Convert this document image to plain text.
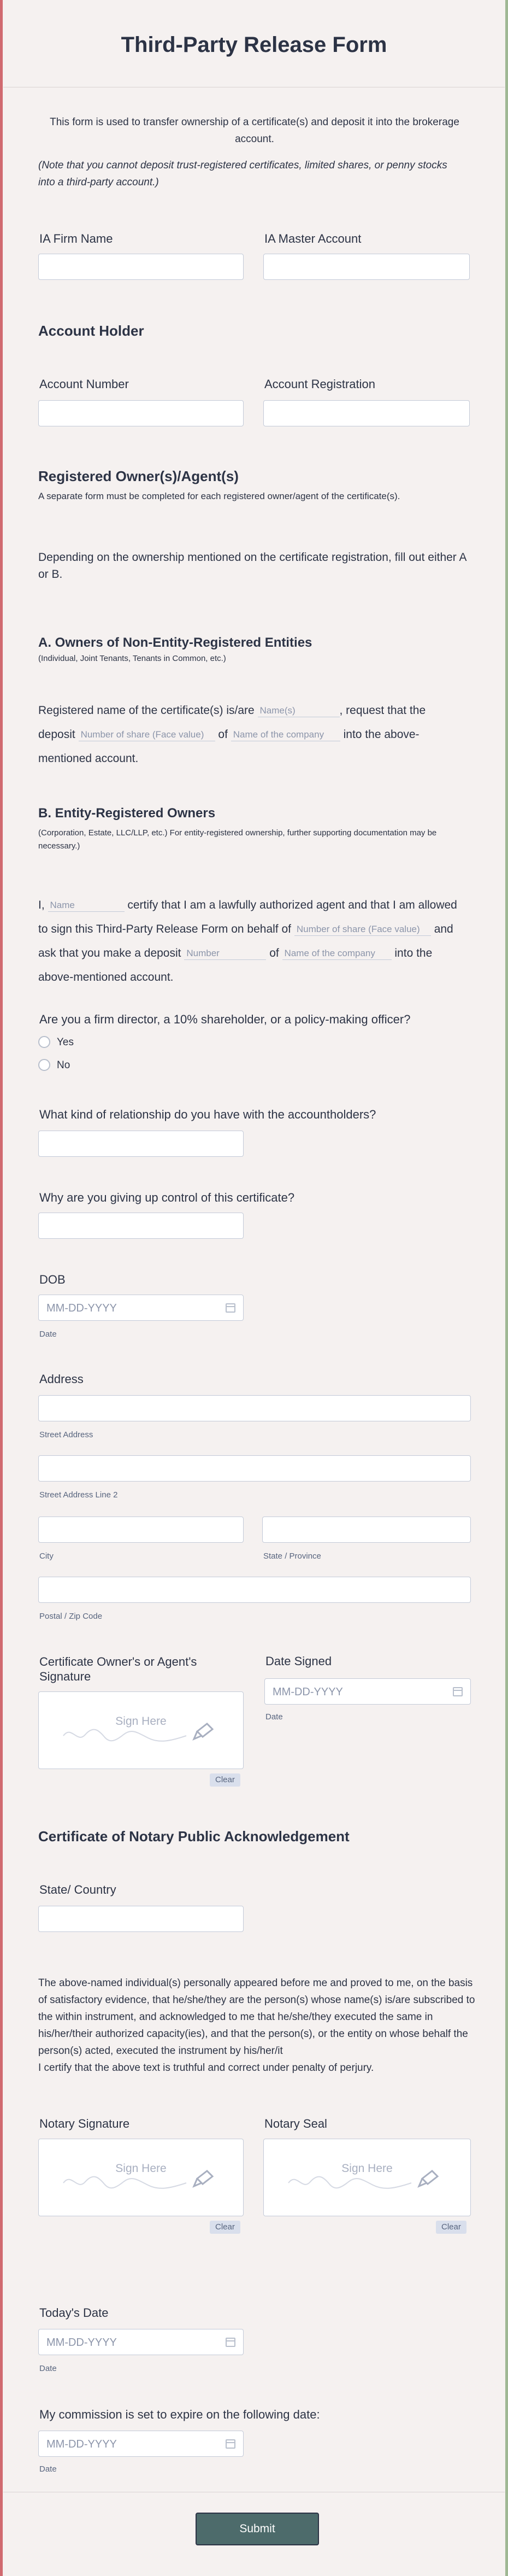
Third-Party Release Form
This form is used to transfer ownership of a certificate(s) and deposit it into the brokerage account.
(Note that you cannot deposit trust-registered certificates, limited shares, or penny stocks into a third-party account.)
IA Firm Name	IA Master Account
Account Holder
Account Number	Account Registration
Registered Owner(s)/Agent(s)
A separate form must be completed for each registered owner/agent of the certificate(s).
Depending on the ownership mentioned on the certificate registration, fill out either A or B.
A. Owners of Non-Entity-Registered Entities
(Individual, Joint Tenants, Tenants in Common, etc.)
Registered name of the certificate(s) is/are Name(s)	, request that the
deposit Number of share (Face value) of Name of the company into the above-
mentioned account.
B. Entity-Registered Owners
(Corporation, Estate, LLC/LLP, etc.) For entity-registered ownership, further supporting documentation may be necessary.)
I, Name	certify that I am a lawfully authorized agent and that I am allowed
to sign this Third-Party Release Form on behalf of Number of share (Face value) and
ask that you make a deposit Number	of Name of the company into the
above-mentioned account.
Are you a firm director, a 10% shareholder, or a policy-making officer?
Yes
No
What kind of relationship do you have with the accountholders?
Why are you giving up control of this certificate?
DOB
MM-DD-YYYY
Date
Address
Street Address
Street Address Line 2
City	State / Province
Postal / Zip Code
Certificate Owner's or Agent's Signature
Sign Here
Clear
Date Signed
MM-DD-YYYY
Date
Certificate of Notary Public Acknowledgement
State/ Country
The above-named individual(s) personally appeared before me and proved to me, on the basis of satisfactory evidence, that he/she/they are the person(s) whose name(s) is/are subscribed to the within instrument, and acknowledged to me that he/she/they executed the same in his/her/their authorized capacity(ies), and that the person(s), or the entity on whose behalf the person(s) acted, executed the instrument by his/her/it
I certify that the above text is truthful and correct under penalty of perjury.
Notary Signature
Sign Here
Clear
Notary Seal
Sign Here
Clear
Today's Date
MM-DD-YYYY
Date
My commission is set to expire on the following date:
MM-DD-YYYY
Date
Submit
